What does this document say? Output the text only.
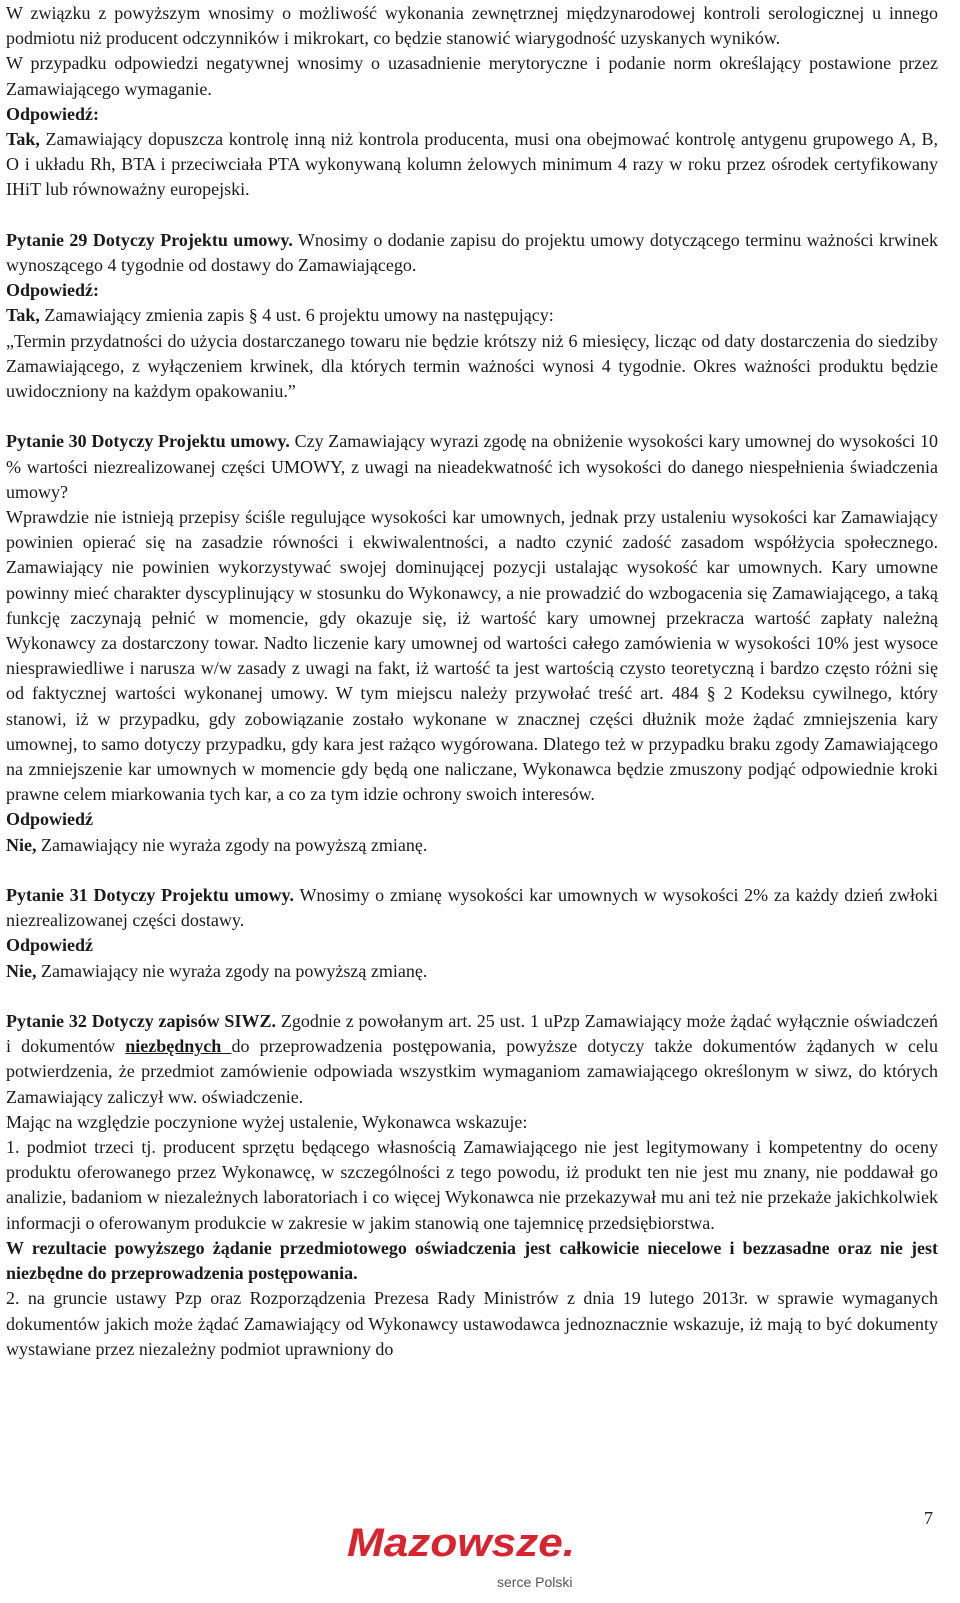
W związku z powyższym wnosimy o możliwość wykonania zewnętrznej międzynarodowej kontroli serologicznej u innego podmiotu niż producent odczynników i mikrokart, co będzie stanowić wiarygodność uzyskanych wyników.

W przypadku odpowiedzi negatywnej wnosimy o uzasadnienie merytoryczne i podanie norm określający postawione przez Zamawiającego wymaganie.

Odpowiedź:

Tak, Zamawiający dopuszcza kontrolę inną niż kontrola producenta, musi ona obejmować kontrolę antygenu grupowego A, B, O i układu Rh, BTA i przeciwciała PTA wykonywaną kolumn żelowych minimum 4 razy w roku przez ośrodek certyfikowany IHiT lub równoważny europejski.

Pytanie 29 Dotyczy Projektu umowy. Wnosimy o dodanie zapisu do projektu umowy dotyczącego terminu ważności krwinek wynoszącego 4 tygodnie od dostawy do Zamawiającego.

Odpowiedź:

Tak, Zamawiający zmienia zapis § 4 ust. 6 projektu umowy na następujący:

„Termin przydatności do użycia dostarczanego towaru nie będzie krótszy niż 6 miesięcy, licząc od daty dostarczenia do siedziby Zamawiającego, z wyłączeniem krwinek, dla których termin ważności wynosi 4 tygodnie. Okres ważności produktu będzie uwidoczniony na każdym opakowaniu.”

Pytanie 30 Dotyczy Projektu umowy. Czy Zamawiający wyrazi zgodę na obniżenie wysokości kary umownej do wysokości 10 % wartości niezrealizowanej części UMOWY, z uwagi na nieadekwatność ich wysokości do danego niespełnienia świadczenia umowy?

Wprawdzie nie istnieją przepisy ściśle regulujące wysokości kar umownych, jednak przy ustaleniu wysokości kar Zamawiający powinien opierać się na zasadzie równości i ekwiwalentności, a nadto czynić zadość zasadom współżycia społecznego. Zamawiający nie powinien wykorzystywać swojej dominującej pozycji ustalając wysokość kar umownych. Kary umowne powinny mieć charakter dyscyplinujący w stosunku do Wykonawcy, a nie prowadzić do wzbogacenia się Zamawiającego, a taką funkcję zaczynają pełnić w momencie, gdy okazuje się, iż wartość kary umownej przekracza wartość zapłaty należną Wykonawcy za dostarczony towar. Nadto liczenie kary umownej od wartości całego zamówienia w wysokości 10% jest wysoce niesprawiedliwe i narusza w/w zasady z uwagi na fakt, iż wartość ta jest wartością czysto teoretyczną i bardzo często różni się od faktycznej wartości wykonanej umowy. W tym miejscu należy przywołać treść art. 484 § 2 Kodeksu cywilnego, który stanowi, iż w przypadku, gdy zobowiązanie zostało wykonane w znacznej części dłużnik może żądać zmniejszenia kary umownej, to samo dotyczy przypadku, gdy kara jest rażąco wygórowana. Dlatego też w przypadku braku zgody Zamawiającego na zmniejszenie kar umownych w momencie gdy będą one naliczane, Wykonawca będzie zmuszony podjąć odpowiednie kroki prawne celem miarkowania tych kar, a co za tym idzie ochrony swoich interesów.

Odpowiedź

Nie, Zamawiający nie wyraża zgody na powyższą zmianę.

Pytanie 31 Dotyczy Projektu umowy. Wnosimy o zmianę wysokości kar umownych w wysokości 2% za każdy dzień zwłoki niezrealizowanej części dostawy.

Odpowiedź

Nie, Zamawiający nie wyraża zgody na powyższą zmianę.

Pytanie 32 Dotyczy zapisów SIWZ. Zgodnie z powołanym art. 25 ust. 1 uPzp Zamawiający może żądać wyłącznie oświadczeń i dokumentów niezbędnych do przeprowadzenia postępowania, powyższe dotyczy także dokumentów żądanych w celu potwierdzenia, że przedmiot zamówienie odpowiada wszystkim wymaganiom zamawiającego określonym w siwz, do których Zamawiający zaliczył ww. oświadczenie.

Mając na względzie poczynione wyżej ustalenie, Wykonawca wskazuje:

1. podmiot trzeci tj. producent sprzętu będącego własnością Zamawiającego nie jest legitymowany i kompetentny do oceny produktu oferowanego przez Wykonawcę, w szczególności z tego powodu, iż produkt ten nie jest mu znany, nie poddawał go analizie, badaniom w niezależnych laboratoriach i co więcej Wykonawca nie przekazywał mu ani też nie przekaże jakichkolwiek informacji o oferowanym produkcie w zakresie w jakim stanowią one tajemnicę przedsiębiorstwa.

W rezultacie powyższego żądanie przedmiotowego oświadczenia jest całkowicie niecelowe i bezzasadne oraz nie jest niezbędne do przeprowadzenia postępowania.

2. na gruncie ustawy Pzp oraz Rozporządzenia Prezesa Rady Ministrów z dnia 19 lutego 2013r. w sprawie wymaganych dokumentów jakich może żądać Zamawiający od Wykonawcy ustawodawca jednoznacznie wskazuje, iż mają to być dokumenty wystawiane przez niezależny podmiot uprawniony do

7
Mazowsze.
serce Polski
